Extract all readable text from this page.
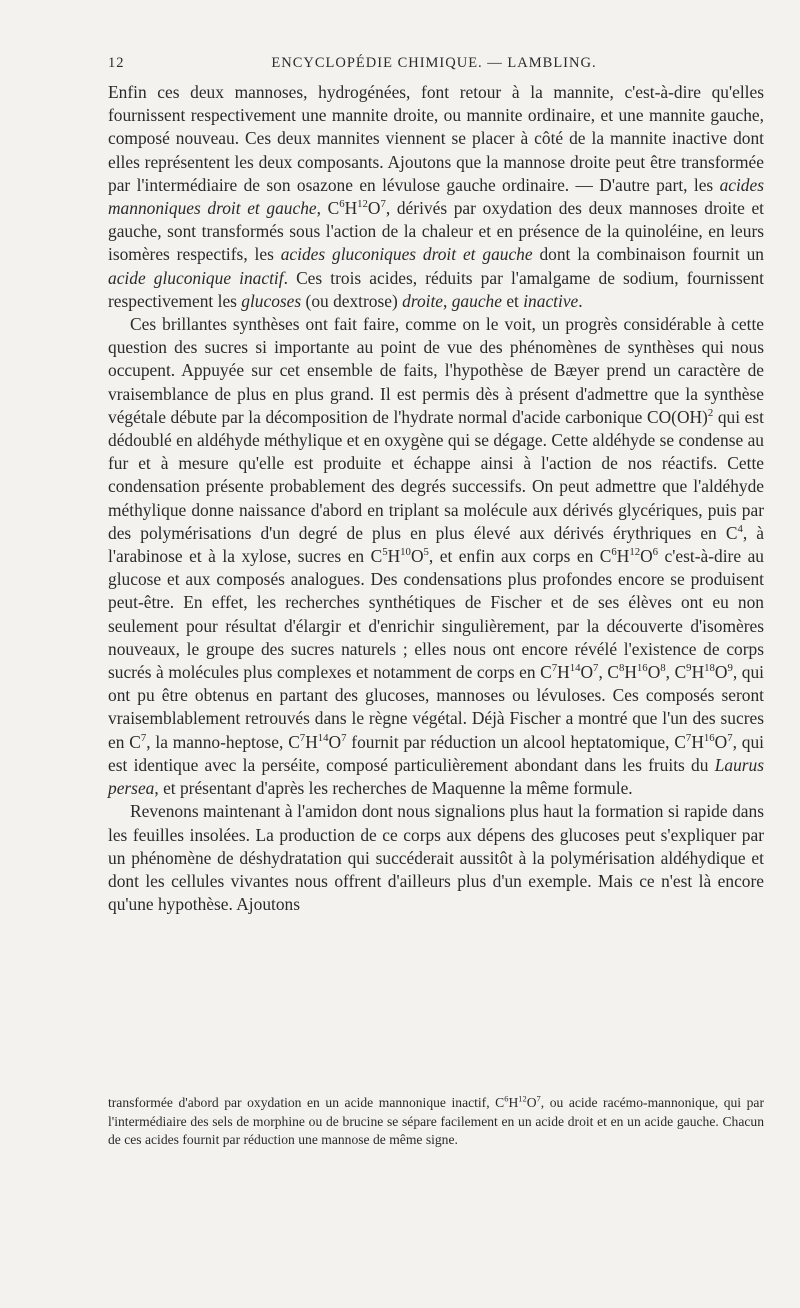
12	ENCYCLOPÉDIE CHIMIQUE. — LAMBLING.

Enfin ces deux mannoses, hydrogénées, font retour à la mannite, c'est-à-dire qu'elles fournissent respectivement une mannite droite, ou mannite ordinaire, et une mannite gauche, composé nouveau. Ces deux mannites viennent se placer à côté de la mannite inactive dont elles représentent les deux composants. Ajoutons que la mannose droite peut être transformée par l'intermédiaire de son osazone en lévulose gauche ordinaire. — D'autre part, les acides mannoniques droit et gauche, $C^6H^{12}O^7$, dérivés par oxydation des deux mannoses droite et gauche, sont transformés sous l'action de la chaleur et en présence de la quinoléine, en leurs isomères respectifs, les acides gluconiques droit et gauche dont la combinaison fournit un acide gluconique inactif. Ces trois acides, réduits par l'amalgame de sodium, fournissent respectivement les glucoses (ou dextrose) droite, gauche et inactive.

Ces brillantes synthèses ont fait faire, comme on le voit, un progrès considérable à cette question des sucres si importante au point de vue des phénomènes de synthèses qui nous occupent. Appuyée sur cet ensemble de faits, l'hypothèse de Bæyer prend un caractère de vraisemblance de plus en plus grand. Il est permis dès à présent d'admettre que la synthèse végétale débute par la décomposition de l'hydrate normal d'acide carbonique CO(OH)$^2$ qui est dédoublé en aldéhyde méthylique et en oxygène qui se dégage. Cette aldéhyde se condense au fur et à mesure qu'elle est produite et échappe ainsi à l'action de nos réactifs. Cette condensation présente probablement des degrés successifs. On peut admettre que l'aldéhyde méthylique donne naissance d'abord en triplant sa molécule aux dérivés glycériques, puis par des polymérisations d'un degré de plus en plus élevé aux dérivés érythriques en $C^4$, à l'arabinose et à la xylose, sucres en $C^5H^{10}O^5$, et enfin aux corps en $C^6H^{12}O^6$ c'est-à-dire au glucose et aux composés analogues. Des condensations plus profondes encore se produisent peut-être. En effet, les recherches synthétiques de Fischer et de ses élèves ont eu non seulement pour résultat d'élargir et d'enrichir singulièrement, par la découverte d'isomères nouveaux, le groupe des sucres naturels ; elles nous ont encore révélé l'existence de corps sucrés à molécules plus complexes et notamment de corps en $C^7H^{14}O^7$, $C^8H^{16}O^8$, $C^9H^{18}O^9$, qui ont pu être obtenus en partant des glucoses, mannoses ou lévuloses. Ces composés seront vraisemblablement retrouvés dans le règne végétal. Déjà Fischer a montré que l'un des sucres en $C^7$, la manno-heptose, $C^7H^{14}O^7$ fournit par réduction un alcool heptatomique, $C^7H^{16}O^7$, qui est identique avec la perséite, composé particulièrement abondant dans les fruits du Laurus persea, et présentant d'après les recherches de Maquenne la même formule.

Revenons maintenant à l'amidon dont nous signalions plus haut la formation si rapide dans les feuilles insolées. La production de ce corps aux dépens des glucoses peut s'expliquer par un phénomène de déshydratation qui succéderait aussitôt à la polymérisation aldéhydique et dont les cellules vivantes nous offrent d'ailleurs plus d'un exemple. Mais ce n'est là encore qu'une hypothèse. Ajoutons

transformée d'abord par oxydation en un acide mannonique inactif, $C^6H^{12}O^7$, ou acide racémo-mannonique, qui par l'intermédiaire des sels de morphine ou de brucine se sépare facilement en un acide droit et en un acide gauche. Chacun de ces acides fournit par réduction une mannose de même signe.
